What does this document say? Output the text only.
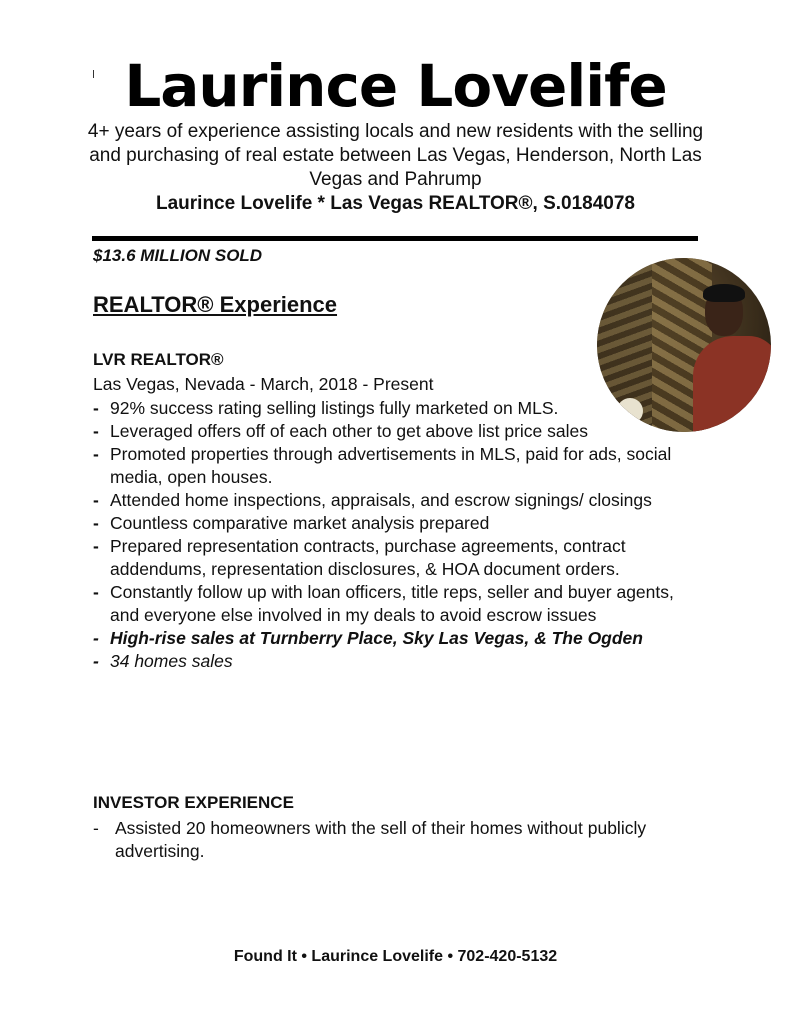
Laurince Lovelife
4+ years of experience assisting locals and new residents with the selling and purchasing of real estate between Las Vegas, Henderson, North Las Vegas and Pahrump
Laurince Lovelife * Las Vegas REALTOR®, S.0184078
$13.6 MILLION SOLD
REALTOR® Experience
LVR REALTOR®
Las Vegas, Nevada - March, 2018 - Present
- 92% success rating selling listings fully marketed on MLS.
- Leveraged offers off of each other to get above list price sales
- Promoted properties through advertisements in MLS, paid for ads, social media, open houses.
- Attended home inspections, appraisals, and escrow signings/ closings
- Countless comparative market analysis prepared
- Prepared representation contracts, purchase agreements, contract addendums, representation disclosures, & HOA document orders.
- Constantly follow up with loan officers, title reps, seller and buyer agents, and everyone else involved in my deals to avoid escrow issues
- High-rise sales at Turnberry Place, Sky Las Vegas, & The Ogden
- 34 homes sales
INVESTOR EXPERIENCE
- Assisted 20 homeowners with the sell of their homes without publicly advertising.
Found It • Laurince Lovelife • 702-420-5132
